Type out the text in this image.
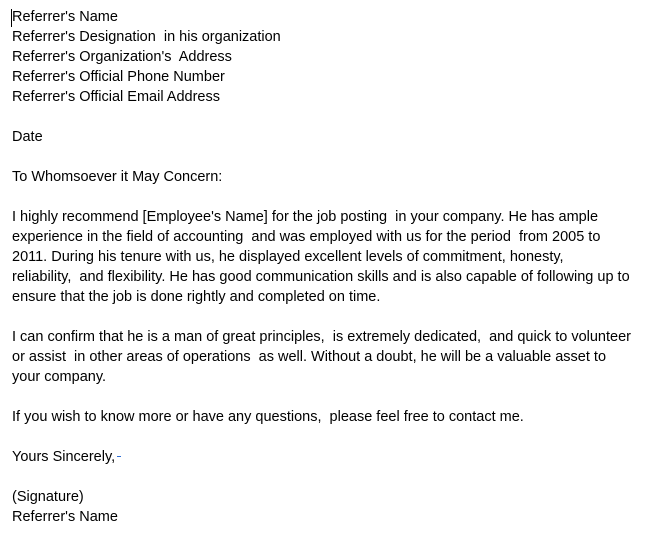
Referrer's Name
Referrer's Designation  in his organization
Referrer's Organization's  Address
Referrer's Official Phone Number
Referrer's Official Email Address
Date
To Whomsoever it May Concern:
I highly recommend [Employee's Name] for the job posting  in your company. He has ample
experience in the field of accounting  and was employed with us for the period  from 2005 to
2011. During his tenure with us, he displayed excellent levels of commitment, honesty,
reliability,  and flexibility. He has good communication skills and is also capable of following up to
ensure that the job is done rightly and completed on time.
I can confirm that he is a man of great principles,  is extremely dedicated,  and quick to volunteer
or assist  in other areas of operations  as well. Without a doubt, he will be a valuable asset to
your company.
If you wish to know more or have any questions,  please feel free to contact me.
Yours Sincerely,
(Signature)
Referrer's Name
